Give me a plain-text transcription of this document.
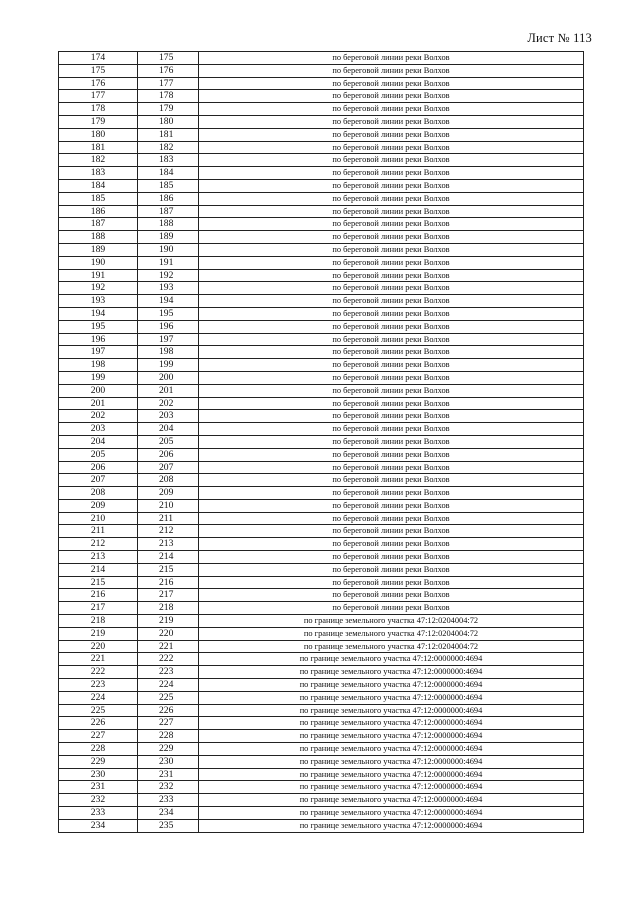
Лист № 113
174	175	по береговой линии реки Волхов
175	176	по береговой линии реки Волхов
176	177	по береговой линии реки Волхов
177	178	по береговой линии реки Волхов
178	179	по береговой линии реки Волхов
179	180	по береговой линии реки Волхов
180	181	по береговой линии реки Волхов
181	182	по береговой линии реки Волхов
182	183	по береговой линии реки Волхов
183	184	по береговой линии реки Волхов
184	185	по береговой линии реки Волхов
185	186	по береговой линии реки Волхов
186	187	по береговой линии реки Волхов
187	188	по береговой линии реки Волхов
188	189	по береговой линии реки Волхов
189	190	по береговой линии реки Волхов
190	191	по береговой линии реки Волхов
191	192	по береговой линии реки Волхов
192	193	по береговой линии реки Волхов
193	194	по береговой линии реки Волхов
194	195	по береговой линии реки Волхов
195	196	по береговой линии реки Волхов
196	197	по береговой линии реки Волхов
197	198	по береговой линии реки Волхов
198	199	по береговой линии реки Волхов
199	200	по береговой линии реки Волхов
200	201	по береговой линии реки Волхов
201	202	по береговой линии реки Волхов
202	203	по береговой линии реки Волхов
203	204	по береговой линии реки Волхов
204	205	по береговой линии реки Волхов
205	206	по береговой линии реки Волхов
206	207	по береговой линии реки Волхов
207	208	по береговой линии реки Волхов
208	209	по береговой линии реки Волхов
209	210	по береговой линии реки Волхов
210	211	по береговой линии реки Волхов
211	212	по береговой линии реки Волхов
212	213	по береговой линии реки Волхов
213	214	по береговой линии реки Волхов
214	215	по береговой линии реки Волхов
215	216	по береговой линии реки Волхов
216	217	по береговой линии реки Волхов
217	218	по береговой линии реки Волхов
218	219	по границе земельного участка 47:12:0204004:72
219	220	по границе земельного участка 47:12:0204004:72
220	221	по границе земельного участка 47:12:0204004:72
221	222	по границе земельного участка 47:12:0000000:4694
222	223	по границе земельного участка 47:12:0000000:4694
223	224	по границе земельного участка 47:12:0000000:4694
224	225	по границе земельного участка 47:12:0000000:4694
225	226	по границе земельного участка 47:12:0000000:4694
226	227	по границе земельного участка 47:12:0000000:4694
227	228	по границе земельного участка 47:12:0000000:4694
228	229	по границе земельного участка 47:12:0000000:4694
229	230	по границе земельного участка 47:12:0000000:4694
230	231	по границе земельного участка 47:12:0000000:4694
231	232	по границе земельного участка 47:12:0000000:4694
232	233	по границе земельного участка 47:12:0000000:4694
233	234	по границе земельного участка 47:12:0000000:4694
234	235	по границе земельного участка 47:12:0000000:4694
